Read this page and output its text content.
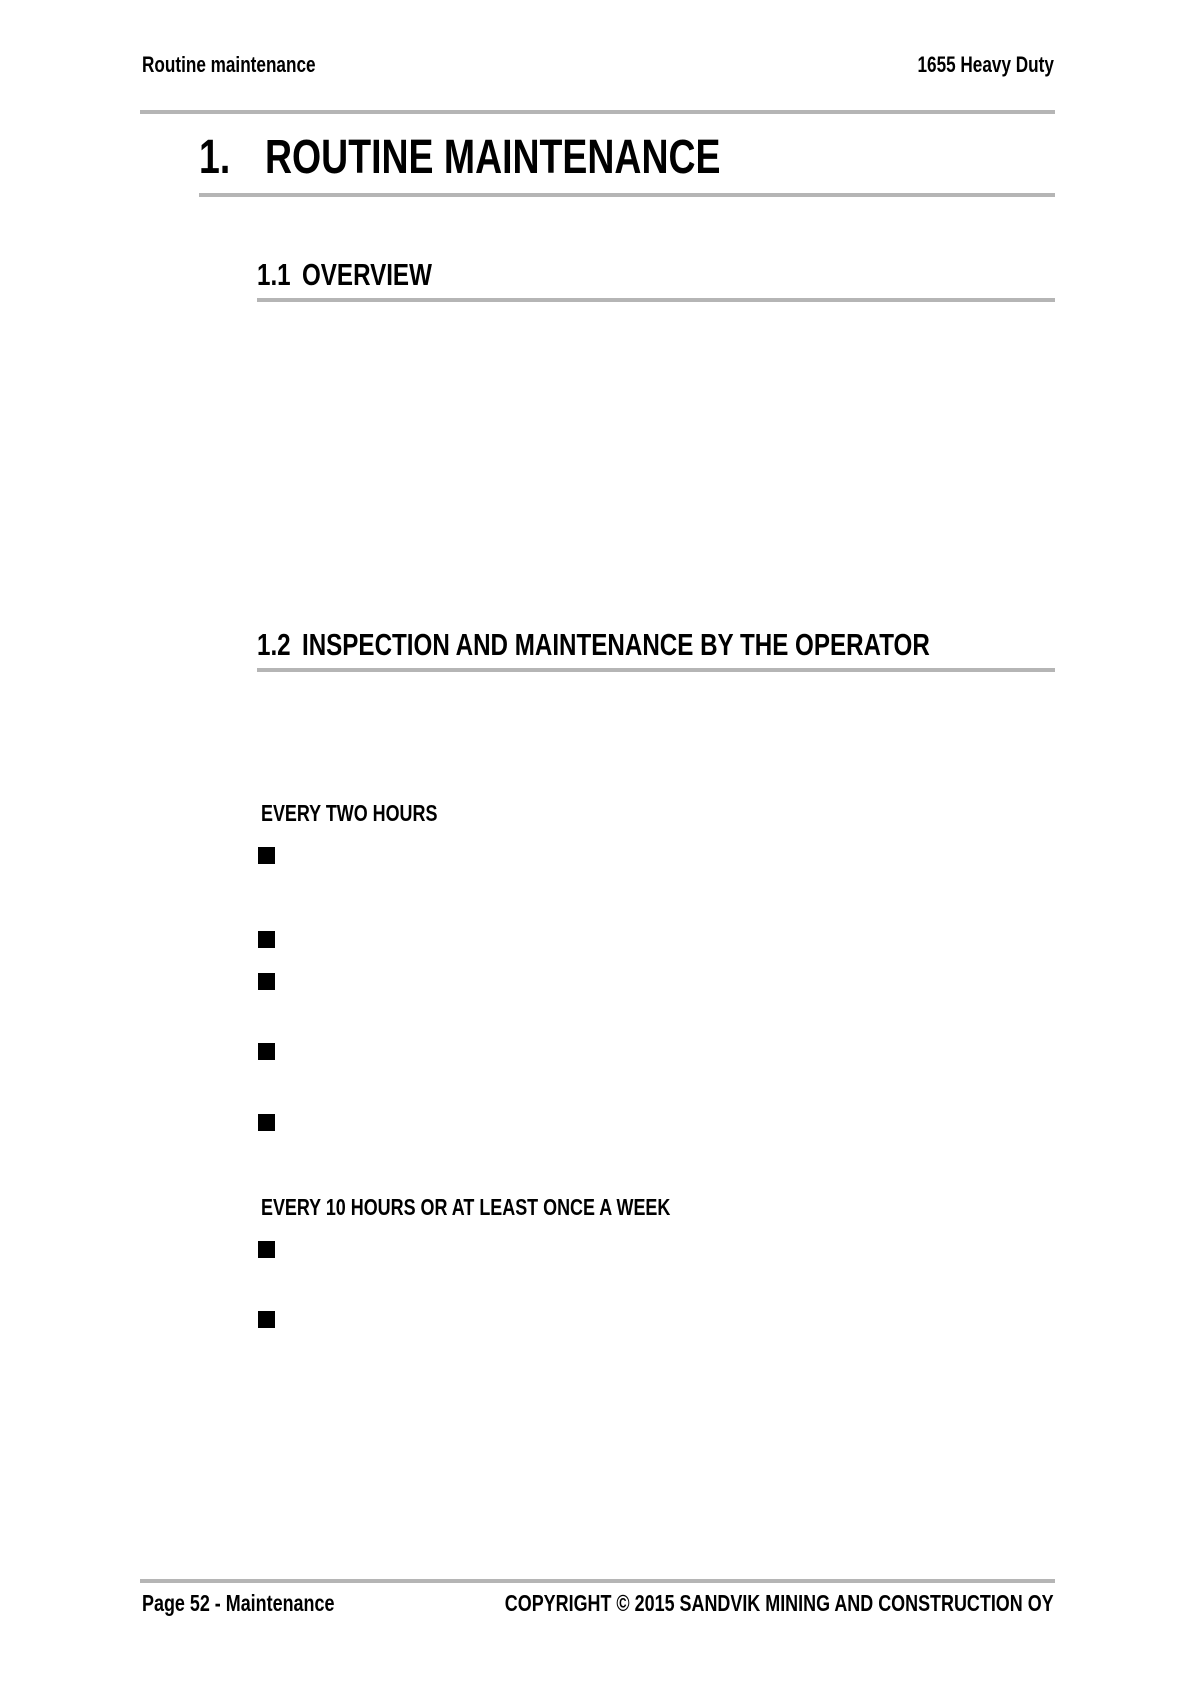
Routine maintenance	1655 Heavy Duty
1. ROUTINE MAINTENANCE
1.1 OVERVIEW
1.2 INSPECTION AND MAINTENANCE BY THE OPERATOR
EVERY TWO HOURS
EVERY 10 HOURS OR AT LEAST ONCE A WEEK
Page 52 - Maintenance	COPYRIGHT © 2015 SANDVIK MINING AND CONSTRUCTION OY
